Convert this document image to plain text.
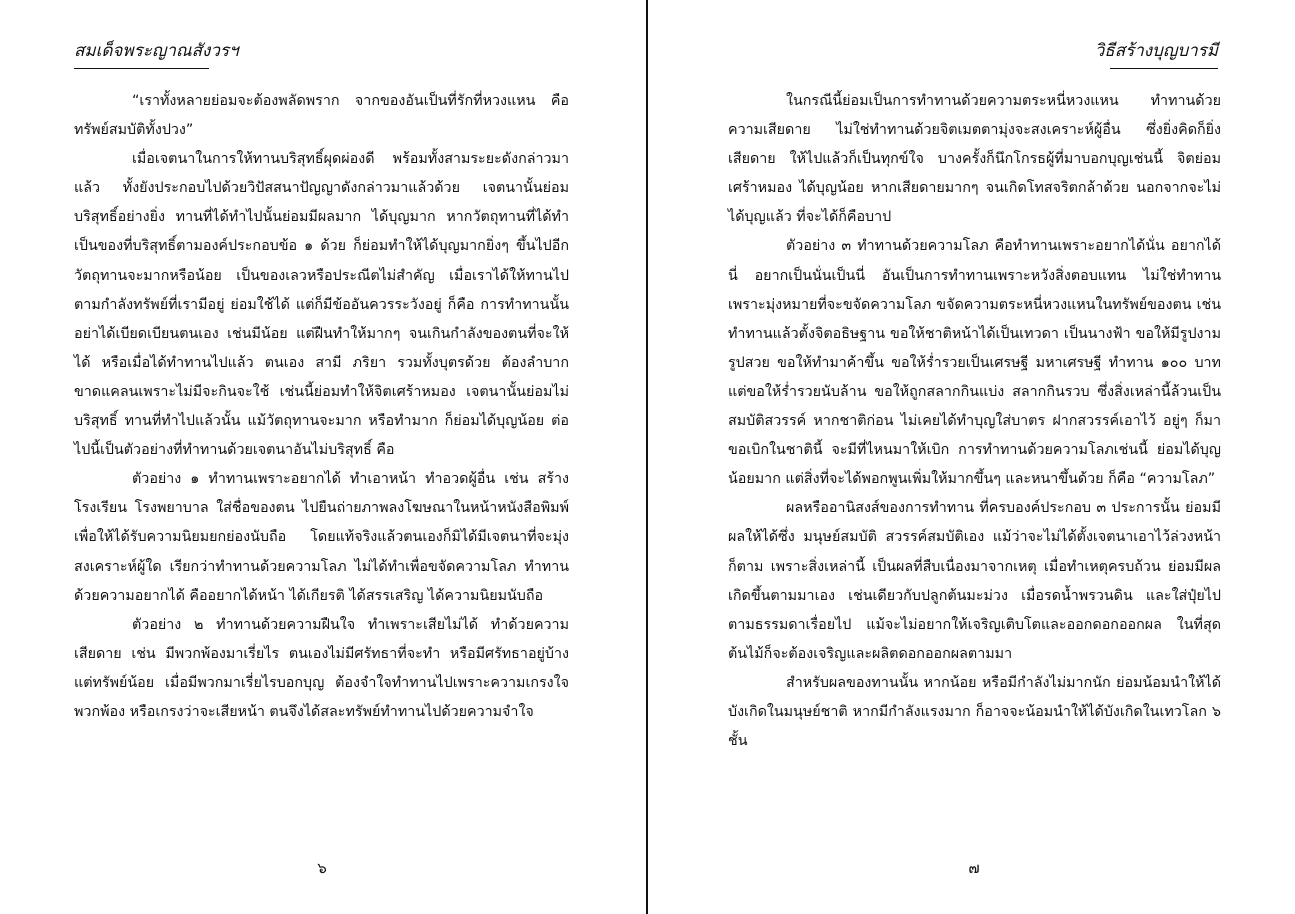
สมเด็จพระญาณสังวรฯ

“เราทั้งหลายย่อมจะต้องพลัดพราก จากของอันเป็นที่รักที่หวงแหน คือทรัพย์สมบัติทั้งปวง”

เมื่อเจตนาในการให้ทานบริสุทธิ์ผุดผ่องดี พร้อมทั้งสามระยะดังกล่าวมาแล้ว ทั้งยังประกอบไปด้วยวิปัสสนาปัญญาดังกล่าวมาแล้วด้วย เจตนานั้นย่อมบริสุทธิ์อย่างยิ่ง ทานที่ได้ทำไปนั้นย่อมมีผลมาก ได้บุญมาก หากวัตถุทานที่ได้ทำเป็นของที่บริสุทธิ์ตามองค์ประกอบข้อ ๑ ด้วย ก็ย่อมทำให้ได้บุญมากยิ่งๆ ขึ้นไปอีก วัตถุทานจะมากหรือน้อย เป็นของเลวหรือประณีตไม่สำคัญ เมื่อเราได้ให้ทานไปตามกำลังทรัพย์ที่เรามีอยู่ ย่อมใช้ได้ แต่ก็มีข้ออันควรระวังอยู่ ก็คือ การทำทานนั้น อย่าได้เบียดเบียนตนเอง เช่นมีน้อย แต่ฝืนทำให้มากๆ จนเกินกำลังของตนที่จะให้ได้ หรือเมื่อได้ทำทานไปแล้ว ตนเอง สามี ภริยา รวมทั้งบุตรด้วย ต้องลำบากขาดแคลนเพราะไม่มีจะกินจะใช้ เช่นนี้ย่อมทำให้จิตเศร้าหมอง เจตนานั้นย่อมไม่บริสุทธิ์ ทานที่ทำไปแล้วนั้น แม้วัตถุทานจะมาก หรือทำมาก ก็ย่อมได้บุญน้อย ต่อไปนี้เป็นตัวอย่างที่ทำทานด้วยเจตนาอันไม่บริสุทธิ์ คือ

ตัวอย่าง ๑ ทำทานเพราะอยากได้ ทำเอาหน้า ทำอวดผู้อื่น เช่น สร้างโรงเรียน โรงพยาบาล ใส่ชื่อของตน ไปยืนถ่ายภาพลงโฆษณาในหน้าหนังสือพิมพ์ เพื่อให้ได้รับความนิยมยกย่องนับถือ โดยแท้จริงแล้วตนเองก็มิได้มีเจตนาที่จะมุ่งสงเคราะห์ผู้ใด เรียกว่าทำทานด้วยความโลภ ไม่ได้ทำเพื่อขจัดความโลภ ทำทานด้วยความอยากได้ คืออยากได้หน้า ได้เกียรติ ได้สรรเสริญ ได้ความนิยมนับถือ

ตัวอย่าง ๒ ทำทานด้วยความฝืนใจ ทำเพราะเสียไม่ได้ ทำด้วยความเสียดาย เช่น มีพวกพ้องมาเรี่ยไร ตนเองไม่มีศรัทธาที่จะทำ หรือมีศรัทธาอยู่บ้าง แต่ทรัพย์น้อย เมื่อมีพวกมาเรี่ยไรบอกบุญ ต้องจำใจทำทานไปเพราะความเกรงใจพวกพ้อง หรือเกรงว่าจะเสียหน้า ตนจึงได้สละทรัพย์ทำทานไปด้วยความจำใจ

๖
วิธีสร้างบุญบารมี

ในกรณีนี้ย่อมเป็นการทำทานด้วยความตระหนี่หวงแหน ทำทานด้วยความเสียดาย ไม่ใช่ทำทานด้วยจิตเมตตามุ่งจะสงเคราะห์ผู้อื่น ซึ่งยิ่งคิดก็ยิ่งเสียดาย ให้ไปแล้วก็เป็นทุกข์ใจ บางครั้งก็นึกโกรธผู้ที่มาบอกบุญเช่นนี้ จิตย่อมเศร้าหมอง ได้บุญน้อย หากเสียดายมากๆ จนเกิดโทสจริตกล้าด้วย นอกจากจะไม่ได้บุญแล้ว ที่จะได้ก็คือบาป

ตัวอย่าง ๓ ทำทานด้วยความโลภ คือทำทานเพราะอยากได้นั่น อยากได้นี่ อยากเป็นนั่นเป็นนี่ อันเป็นการทำทานเพราะหวังสิ่งตอบแทน ไม่ใช่ทำทานเพราะมุ่งหมายที่จะขจัดความโลภ ขจัดความตระหนี่หวงแหนในทรัพย์ของตน เช่น ทำทานแล้วตั้งจิตอธิษฐาน ขอให้ชาติหน้าได้เป็นเทวดา เป็นนางฟ้า ขอให้มีรูปงามรูปสวย ขอให้ทำมาค้าขึ้น ขอให้ร่ำรวยเป็นเศรษฐี มหาเศรษฐี ทำทาน ๑๐๐ บาท แต่ขอให้ร่ำรวยนับล้าน ขอให้ถูกสลากกินแบ่ง สลากกินรวบ ซึ่งสิ่งเหล่านี้ล้วนเป็นสมบัติสวรรค์ หากชาติก่อน ไม่เคยได้ทำบุญใส่บาตร ฝากสวรรค์เอาไว้ อยู่ๆ ก็มาขอเบิกในชาตินี้ จะมีที่ไหนมาให้เบิก การทำทานด้วยความโลภเช่นนี้ ย่อมได้บุญน้อยมาก แต่สิ่งที่จะได้พอกพูนเพิ่มให้มากขึ้นๆ และหนาขึ้นด้วย ก็คือ “ความโลภ”

ผลหรืออานิสงส์ของการทำทาน ที่ครบองค์ประกอบ ๓ ประการนั้น ย่อมมีผลให้ได้ซึ่ง มนุษย์สมบัติ สวรรค์สมบัติเอง แม้ว่าจะไม่ได้ตั้งเจตนาเอาไว้ล่วงหน้าก็ตาม เพราะสิ่งเหล่านี้ เป็นผลที่สืบเนื่องมาจากเหตุ เมื่อทำเหตุครบถ้วน ย่อมมีผลเกิดขึ้นตามมาเอง เช่นเดียวกับปลูกต้นมะม่วง เมื่อรดน้ำพรวนดิน และใส่ปุ๋ยไปตามธรรมดาเรื่อยไป แม้จะไม่อยากให้เจริญเติบโตและออกดอกออกผล ในที่สุดต้นไม้ก็จะต้องเจริญและผลิตดอกออกผลตามมา

สำหรับผลของทานนั้น หากน้อย หรือมีกำลังไม่มากนัก ย่อมน้อมนำให้ได้บังเกิดในมนุษย์ชาติ หากมีกำลังแรงมาก ก็อาจจะน้อมนำให้ได้บังเกิดในเทวโลก ๖ ชั้น

๗
